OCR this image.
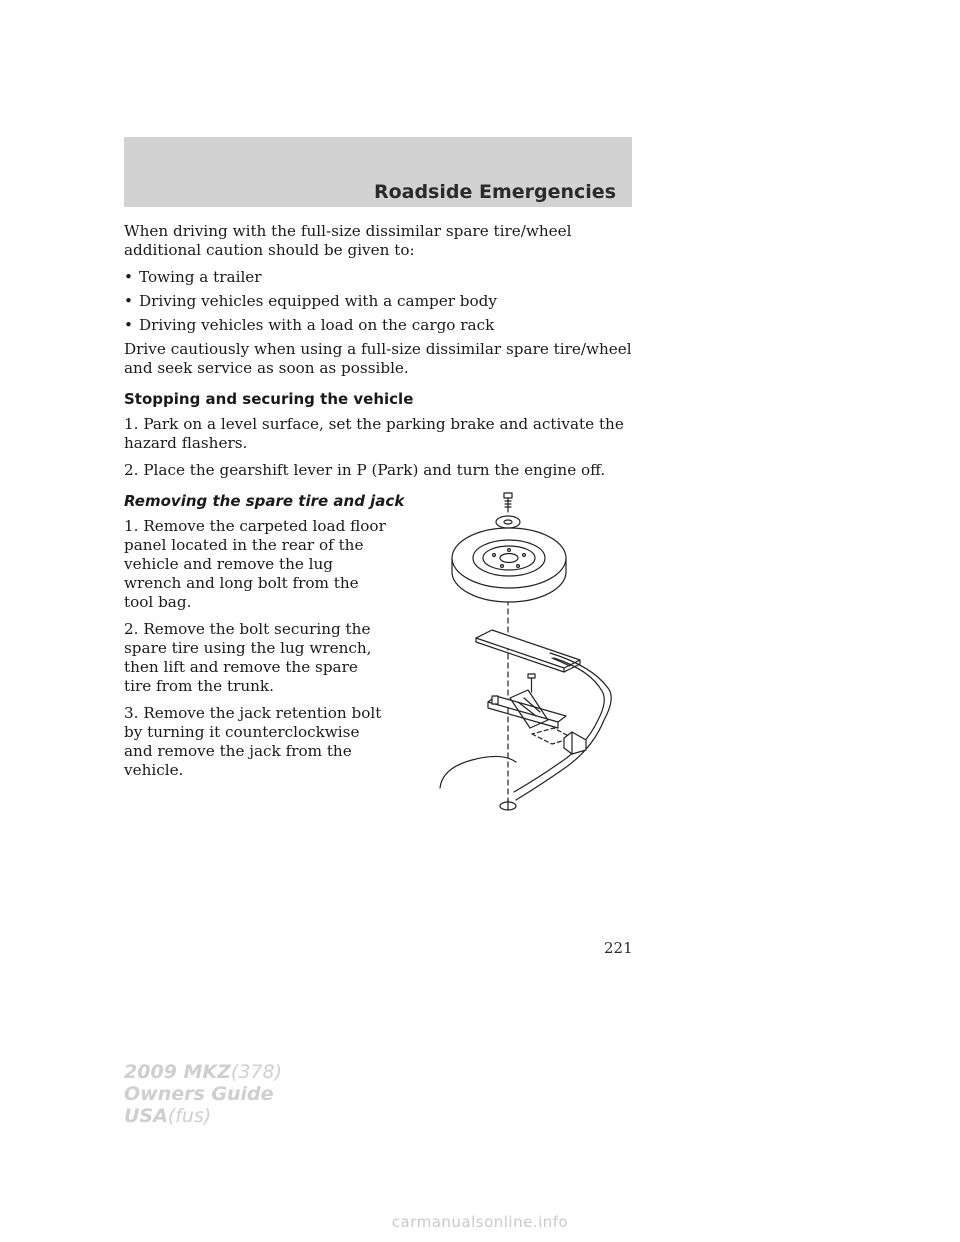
Roadside Emergencies

When driving with the full-size dissimilar spare tire/wheel additional caution should be given to:

• Towing a trailer
• Driving vehicles equipped with a camper body
• Driving vehicles with a load on the cargo rack

Drive cautiously when using a full-size dissimilar spare tire/wheel and seek service as soon as possible.

Stopping and securing the vehicle

1. Park on a level surface, set the parking brake and activate the hazard flashers.

2. Place the gearshift lever in P (Park) and turn the engine off.

Removing the spare tire and jack

1. Remove the carpeted load floor panel located in the rear of the vehicle and remove the lug wrench and long bolt from the tool bag.

2. Remove the bolt securing the spare tire using the lug wrench, then lift and remove the spare tire from the trunk.

3. Remove the jack retention bolt by turning it counterclockwise and remove the jack from the vehicle.

221
2009 MKZ(378)
Owners Guide
USA(fus)
carmanualsonline.info
